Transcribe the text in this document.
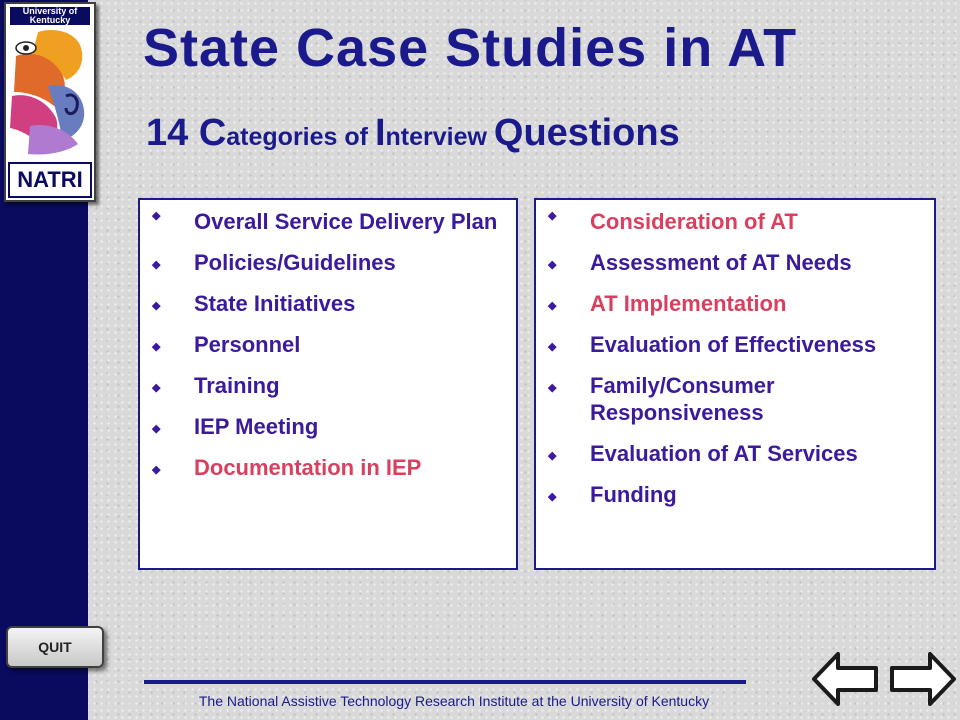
University of Kentucky
NATRI
State Case Studies in AT
14 Categories of Interview Questions
◆ Overall Service Delivery Plan
◆ Policies/Guidelines
◆ State Initiatives
◆ Personnel
◆ Training
◆ IEP Meeting
◆ Documentation in IEP
◆ Consideration of AT
◆ Assessment of AT Needs
◆ AT Implementation
◆ Evaluation of Effectiveness
◆ Family/Consumer Responsiveness
◆ Evaluation of AT Services
◆ Funding
QUIT
The National Assistive Technology Research Institute at the University of Kentucky
